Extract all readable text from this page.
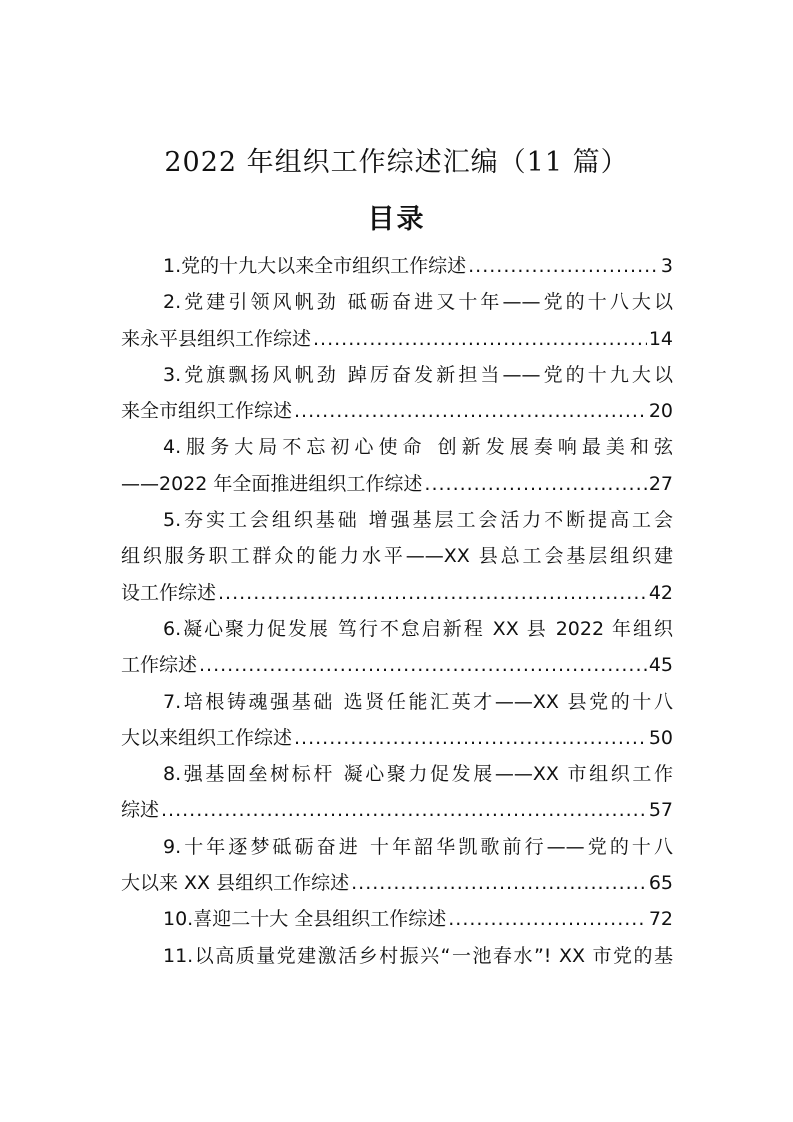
2022 年组织工作综述汇编（11 篇）
目录
1.党的十九大以来全市组织工作综述 .....	3
2.党建引领风帆劲 砥砺奋进又十年——党的十八大以
来永平县组织工作综述 .....	14
3.党旗飘扬风帆劲 踔厉奋发新担当——党的十九大以
来全市组织工作综述 .....	20
4.服务大局不忘初心使命 创新发展奏响最美和弦
——2022 年全面推进组织工作综述 .....	27
5.夯实工会组织基础 增强基层工会活力不断提高工会
组织服务职工群众的能力水平——XX 县总工会基层组织建
设工作综述 .....	42
6.凝心聚力促发展 笃行不怠启新程 XX 县 2022 年组织
工作综述 .....	45
7.培根铸魂强基础 选贤任能汇英才——XX 县党的十八
大以来组织工作综述 .....	50
8.强基固垒树标杆 凝心聚力促发展——XX 市组织工作
综述 .....	57
9.十年逐梦砥砺奋进 十年韶华凯歌前行——党的十八
大以来 XX 县组织工作综述 .....	65
10.喜迎二十大 全县组织工作综述 .....	72
11.以高质量党建激活乡村振兴“一池春水”! XX 市党的基
